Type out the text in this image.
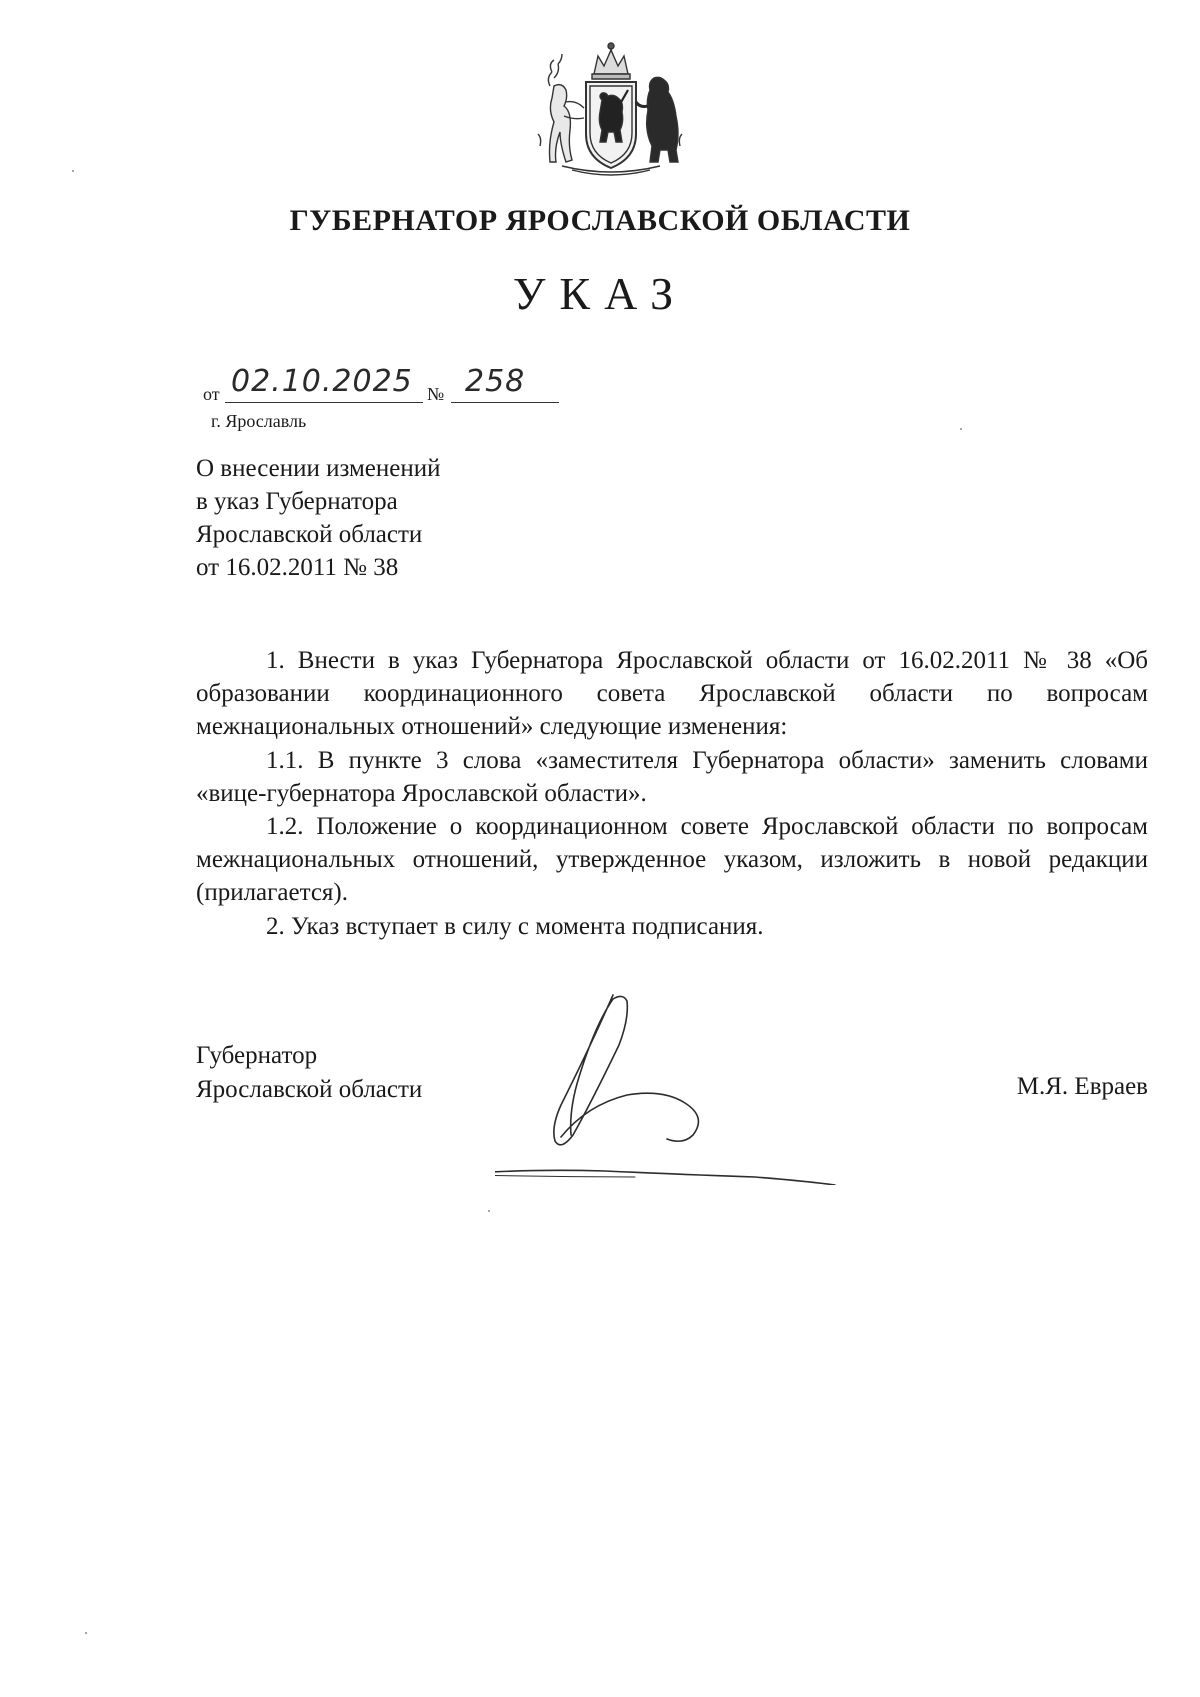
ГУБЕРНАТОР ЯРОСЛАВСКОЙ ОБЛАСТИ
УКАЗ
от 02.10.2025 № 258
г. Ярославль
О внесении изменений
в указ Губернатора
Ярославской области
от 16.02.2011 № 38

1. Внести в указ Губернатора Ярославской области от 16.02.2011 № 38 «Об образовании координационного совета Ярославской области по вопросам межнациональных отношений» следующие изменения:

1.1. В пункте 3 слова «заместителя Губернатора области» заменить словами «вице-губернатора Ярославской области».

1.2. Положение о координационном совете Ярославской области по вопросам межнациональных отношений, утвержденное указом, изложить в новой редакции (прилагается).

2. Указ вступает в силу с момента подписания.

Губернатор
Ярославской области	М.Я. Евраев
